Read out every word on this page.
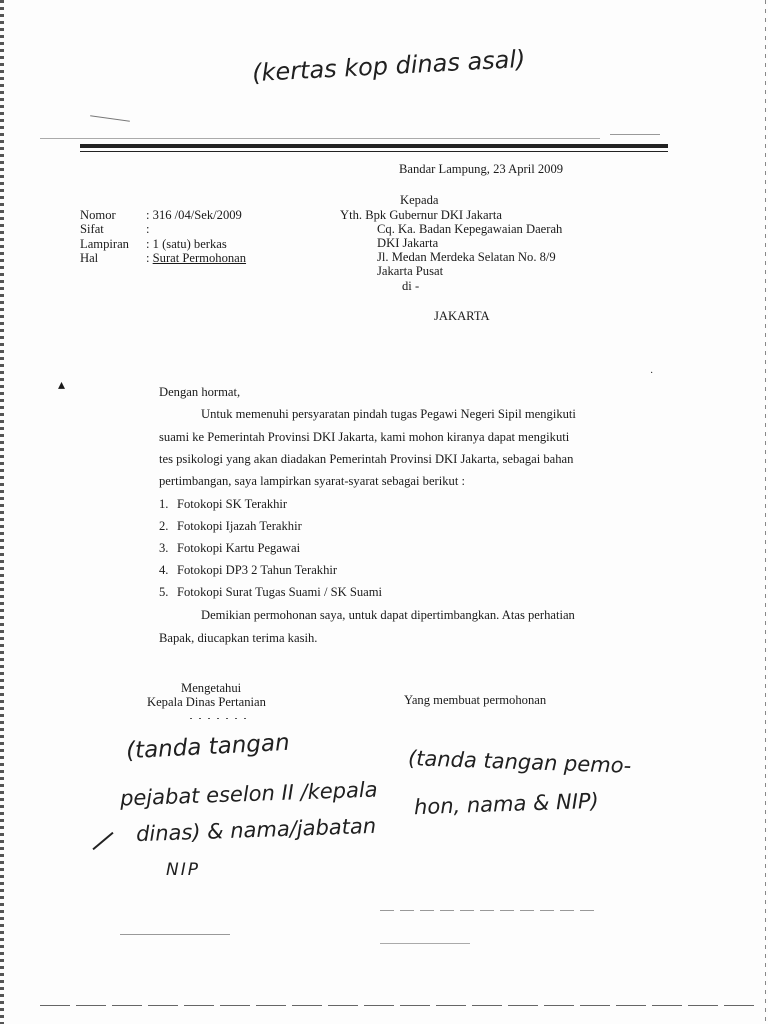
(kertas kop dinas asal)
Bandar Lampung, 23 April 2009
Kepada
Yth. Bpk Gubernur DKI Jakarta
Cq. Ka. Badan Kepegawaian Daerah
DKI Jakarta
Jl. Medan Merdeka Selatan No. 8/9
Jakarta Pusat
di -
JAKARTA
Nomor : 316 /04/Sek/2009
Sifat	:
Lampiran : 1 (satu) berkas
Hal	: Surat Permohonan
▴
·
Dengan hormat,
Untuk memenuhi persyaratan pindah tugas Pegawi Negeri Sipil mengikuti
suami ke Pemerintah Provinsi DKI Jakarta, kami mohon kiranya dapat mengikuti
tes psikologi yang akan diadakan Pemerintah Provinsi DKI Jakarta, sebagai bahan
pertimbangan, saya lampirkan syarat-syarat sebagai berikut :
1. Fotokopi SK Terakhir
2. Fotokopi Ijazah Terakhir
3. Fotokopi Kartu Pegawai
4. Fotokopi DP3 2 Tahun Terakhir
5. Fotokopi Surat Tugas Suami / SK Suami
Demikian permohonan saya, untuk dapat dipertimbangkan. Atas perhatian
Bapak, diucapkan terima kasih.
Mengetahui
Kepala Dinas Pertanian	Yang membuat permohonan
(tanda tangan
pejabat eselon II /kepala
dinas) & nama/jabatan
NIP
(tanda tangan pemo-
hon, nama & NIP)
